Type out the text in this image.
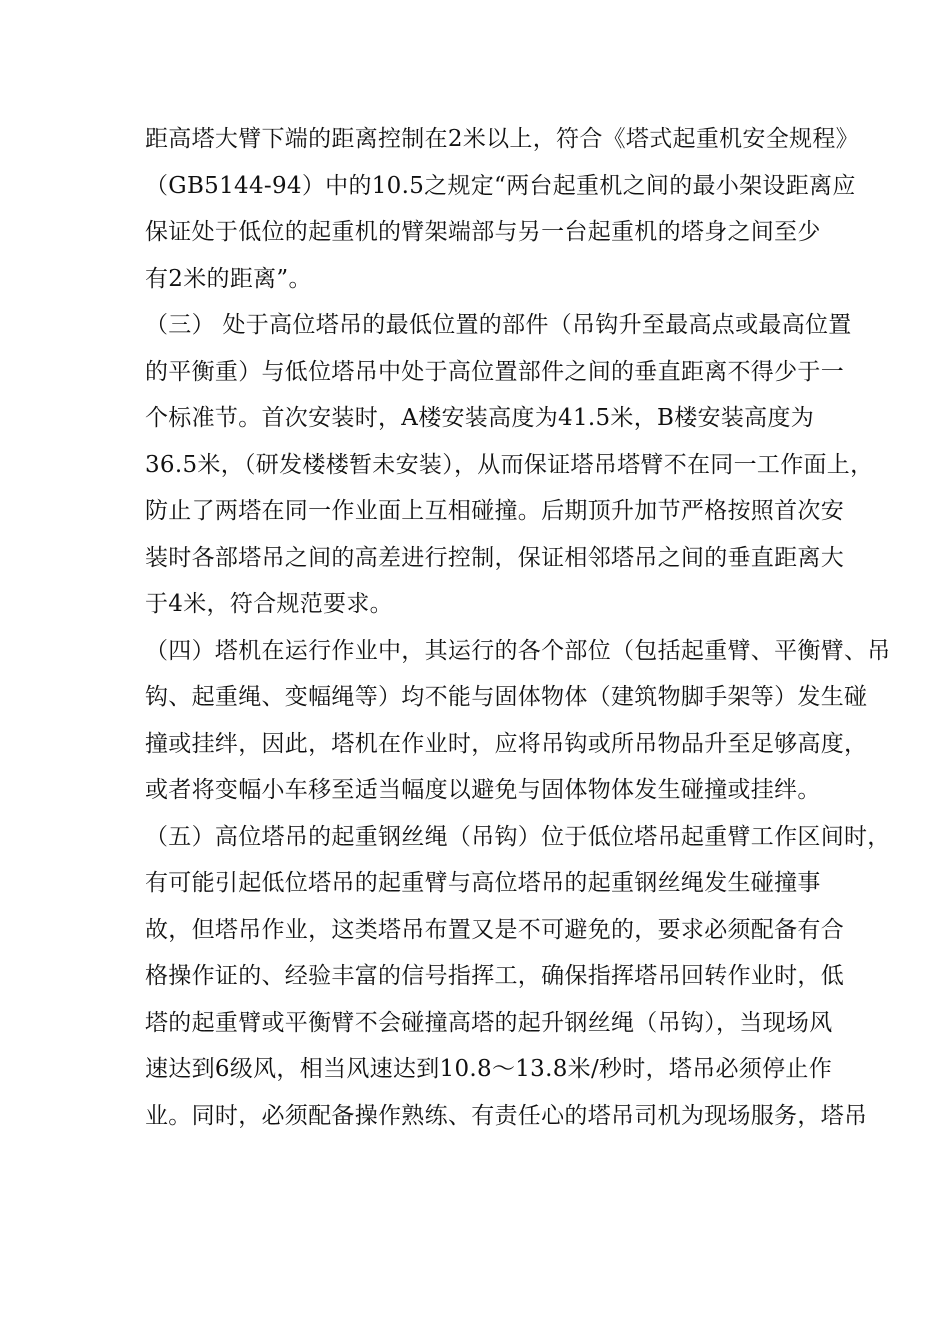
距高塔大臂下端的距离控制在2米以上，符合《塔式起重机安全规程》
（GB5144-94）中的10.5之规定“两台起重机之间的最小架设距离应
保证处于低位的起重机的臂架端部与另一台起重机的塔身之间至少
有2米的距离”。
（三） 处于高位塔吊的最低位置的部件（吊钩升至最高点或最高位置
的平衡重）与低位塔吊中处于高位置部件之间的垂直距离不得少于一
个标准节。首次安装时，A楼安装高度为41.5米，B楼安装高度为
36.5米，（研发楼楼暂未安装），从而保证塔吊塔臂不在同一工作面上，
防止了两塔在同一作业面上互相碰撞。后期顶升加节严格按照首次安
装时各部塔吊之间的高差进行控制，保证相邻塔吊之间的垂直距离大
于4米，符合规范要求。
（四）塔机在运行作业中，其运行的各个部位（包括起重臂、平衡臂、吊
钩、起重绳、变幅绳等）均不能与固体物体（建筑物脚手架等）发生碰
撞或挂绊，因此，塔机在作业时，应将吊钩或所吊物品升至足够高度，
或者将变幅小车移至适当幅度以避免与固体物体发生碰撞或挂绊。
（五）高位塔吊的起重钢丝绳（吊钩）位于低位塔吊起重臂工作区间时，
有可能引起低位塔吊的起重臂与高位塔吊的起重钢丝绳发生碰撞事
故，但塔吊作业，这类塔吊布置又是不可避免的，要求必须配备有合
格操作证的、经验丰富的信号指挥工，确保指挥塔吊回转作业时，低
塔的起重臂或平衡臂不会碰撞高塔的起升钢丝绳（吊钩），当现场风
速达到6级风，相当风速达到10.8～13.8米/秒时，塔吊必须停止作
业。同时，必须配备操作熟练、有责任心的塔吊司机为现场服务，塔吊
